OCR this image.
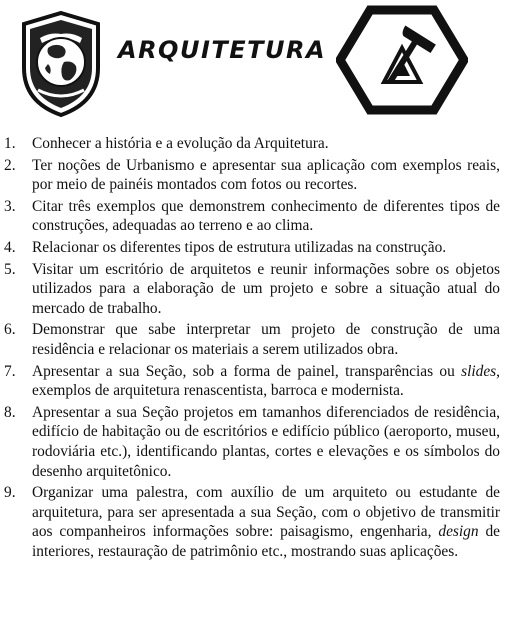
ARQUITETURA
1. Conhecer a história e a evolução da Arquitetura.
2. Ter noções de Urbanismo e apresentar sua aplicação com exemplos reais, por meio de painéis montados com fotos ou recortes.
3. Citar três exemplos que demonstrem conhecimento de diferentes tipos de construções, adequadas ao terreno e ao clima.
4. Relacionar os diferentes tipos de estrutura utilizadas na construção.
5. Visitar um escritório de arquitetos e reunir informações sobre os objetos utilizados para a elaboração de um projeto e sobre a situação atual do mercado de trabalho.
6. Demonstrar que sabe interpretar um projeto de construção de uma residência e relacionar os materiais a serem utilizados obra.
7. Apresentar a sua Seção, sob a forma de painel, transparências ou slides, exemplos de arquitetura renascentista, barroca e modernista.
8. Apresentar a sua Seção projetos em tamanhos diferenciados de residência, edifício de habitação ou de escritórios e edifício público (aeroporto, museu, rodoviária etc.), identificando plantas, cortes e elevações e os símbolos do desenho arquitetônico.
9. Organizar uma palestra, com auxílio de um arquiteto ou estudante de arquitetura, para ser apresentada a sua Seção, com o objetivo de transmitir aos companheiros informações sobre: paisagismo, engenharia, design de interiores, restauração de patrimônio etc., mostrando suas aplicações.
